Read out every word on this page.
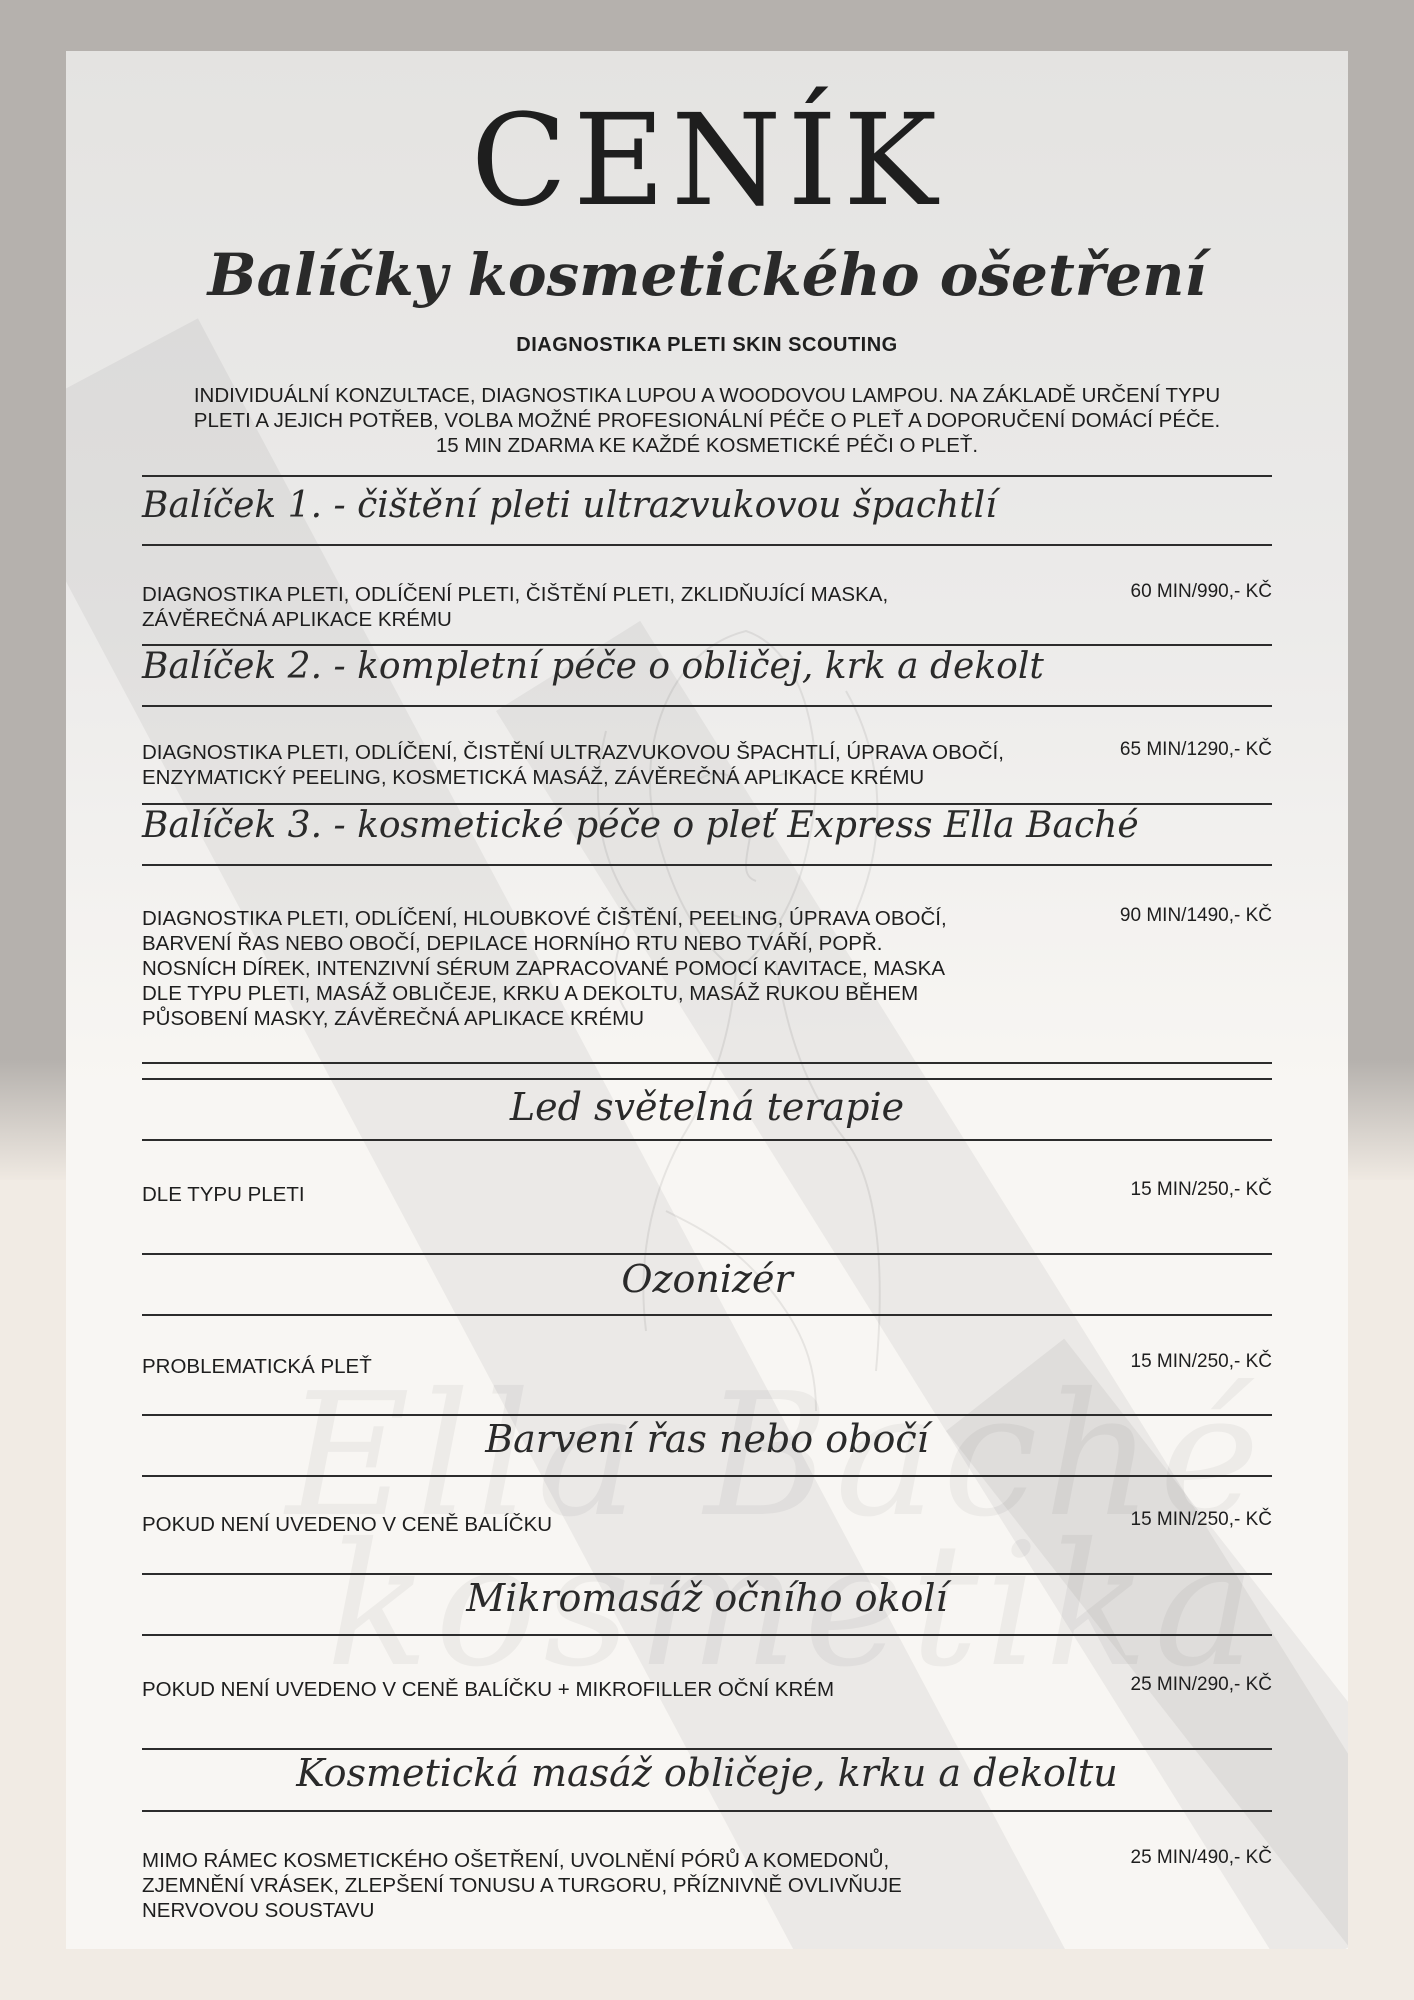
CENÍK
Balíčky kosmetického ošetření
DIAGNOSTIKA PLETI SKIN SCOUTING
INDIVIDUÁLNÍ KONZULTACE, DIAGNOSTIKA LUPOU A WOODOVOU LAMPOU. NA ZÁKLADĚ URČENÍ TYPU
PLETI A JEJICH POTŘEB, VOLBA MOŽNÉ PROFESIONÁLNÍ PÉČE O PLEŤ A DOPORUČENÍ DOMÁCÍ PÉČE.
15 MIN ZDARMA KE KAŽDÉ KOSMETICKÉ PÉČI O PLEŤ.
Balíček 1. - čištění pleti ultrazvukovou špachtlí
DIAGNOSTIKA PLETI, ODLÍČENÍ PLETI, ČIŠTĚNÍ PLETI, ZKLIDŇUJÍCÍ MASKA,
ZÁVĚREČNÁ APLIKACE KRÉMU
60 MIN/990,- KČ
Balíček 2. - kompletní péče o obličej, krk a dekolt
DIAGNOSTIKA PLETI, ODLÍČENÍ, ČISTĚNÍ ULTRAZVUKOVOU ŠPACHTLÍ, ÚPRAVA OBOČÍ,
ENZYMATICKÝ PEELING, KOSMETICKÁ MASÁŽ, ZÁVĚREČNÁ APLIKACE KRÉMU
65 MIN/1290,- KČ
Balíček 3. - kosmetické péče o pleť Express Ella Baché
DIAGNOSTIKA PLETI, ODLÍČENÍ, HLOUBKOVÉ ČIŠTĚNÍ, PEELING, ÚPRAVA OBOČÍ,
BARVENÍ ŘAS NEBO OBOČÍ, DEPILACE HORNÍHO RTU NEBO TVÁŘÍ, POPŘ.
NOSNÍCH DÍREK, INTENZIVNÍ SÉRUM ZAPRACOVANÉ POMOCÍ KAVITACE, MASKA
DLE TYPU PLETI, MASÁŽ OBLIČEJE, KRKU A DEKOLTU, MASÁŽ RUKOU BĚHEM
PŮSOBENÍ MASKY, ZÁVĚREČNÁ APLIKACE KRÉMU
90 MIN/1490,- KČ
Led světelná terapie
DLE TYPU PLETI	15 MIN/250,- KČ
Ozonizér
PROBLEMATICKÁ PLEŤ	15 MIN/250,- KČ
Barvení řas nebo obočí
POKUD NENÍ UVEDENO V CENĚ BALÍČKU	15 MIN/250,- KČ
Mikromasáž očního okolí
POKUD NENÍ UVEDENO V CENĚ BALÍČKU + MIKROFILLER OČNÍ KRÉM	25 MIN/290,- KČ
Kosmetická masáž obličeje, krku a dekoltu
MIMO RÁMEC KOSMETICKÉHO OŠETŘENÍ, UVOLNĚNÍ PÓRŮ A KOMEDONŮ,
ZJEMNĚNÍ VRÁSEK, ZLEPŠENÍ TONUSU A TURGORU, PŘÍZNIVNĚ OVLIVŇUJE
NERVOVOU SOUSTAVU
25 MIN/490,- KČ
